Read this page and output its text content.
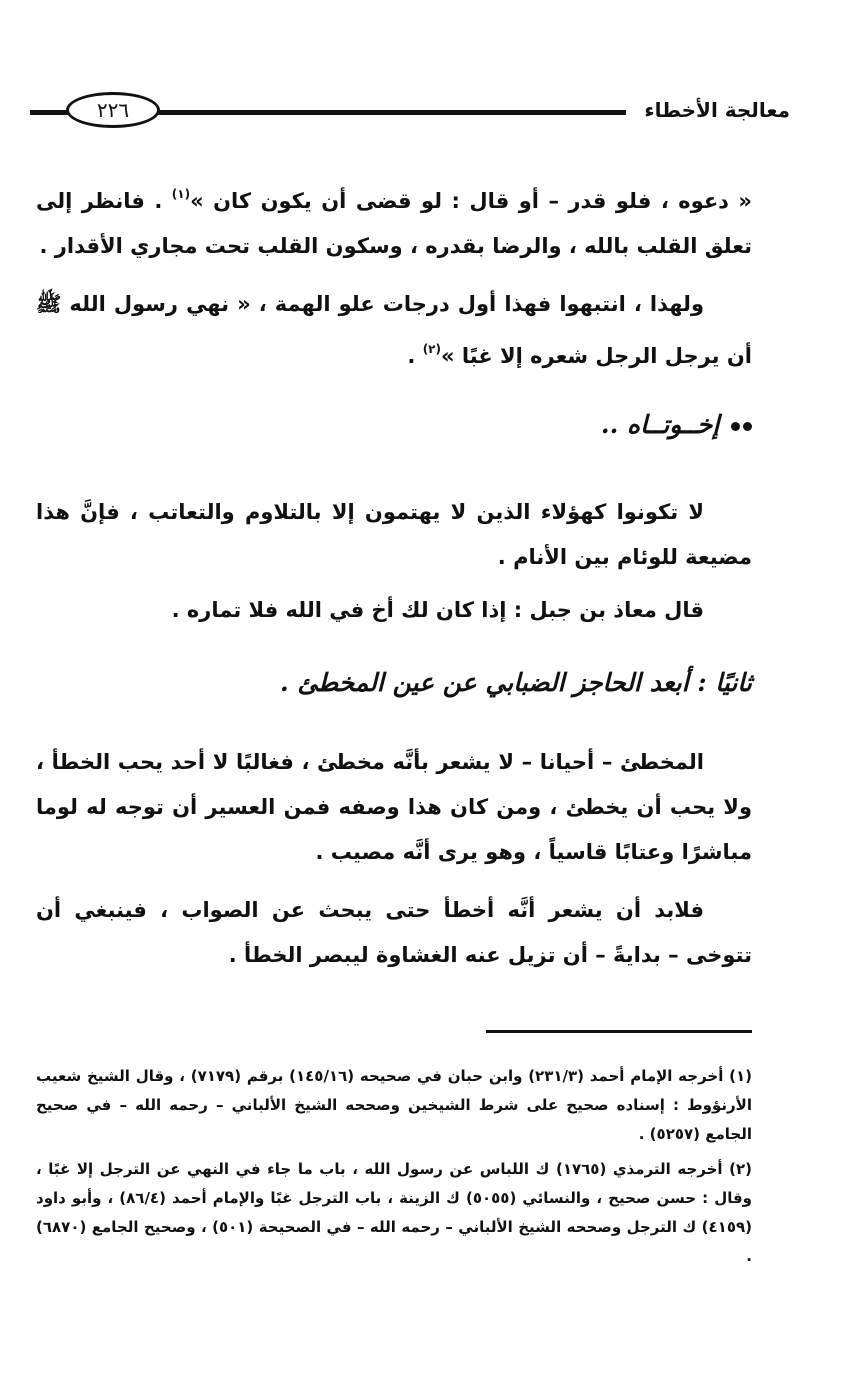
٢٢٦	معالجة الأخطاء
« دعوه ، فلو قدر – أو قال : لو قضى أن يكون كان »$^{(١)}$ . فانظر إلى تعلق القلب بالله ، والرضا بقدره ، وسكون القلب تحت مجاري الأقدار .
ولهذا ، انتبهوا فهذا أول درجات علو الهمة ، « نهي رسول الله ﷺ أن يرجل الرجل شعره إلا غبًا »$^{(٢)}$ .
إخــوتــاه ..
لا تكونوا كهؤلاء الذين لا يهتمون إلا بالتلاوم والتعاتب ، فإنَّ هذا مضيعة للوئام بين الأنام .
قال معاذ بن جبل : إذا كان لك أخ في الله فلا تماره .
ثانيًا : أبعد الحاجز الضبابي عن عين المخطئ .
المخطئ – أحيانا – لا يشعر بأنَّه مخطئ ، فغالبًا لا أحد يحب الخطأ ، ولا يحب أن يخطئ ، ومن كان هذا وصفه فمن العسير أن توجه له لوما مباشرًا وعتابًا قاسياً ، وهو يرى أنَّه مصيب .
فلابد أن يشعر أنَّه أخطأ حتى يبحث عن الصواب ، فينبغي أن تتوخى – بدايةً – أن تزيل عنه الغشاوة ليبصر الخطأ .
(١) أخرجه الإمام أحمد (٢٣١/٣) وابن حبان في صحيحه (١٤٥/١٦) برقم (٧١٧٩) ، وقال الشيخ شعيب الأرنؤوط : إسناده صحيح على شرط الشيخين وصححه الشيخ الألباني – رحمه الله – في صحيح الجامع (٥٢٥٧) .
(٢) أخرجه الترمذي (١٧٦٥) ك اللباس عن رسول الله ، باب ما جاء في النهي عن الترجل إلا غبًا ، وقال : حسن صحيح ، والنسائي (٥٠٥٥) ك الزينة ، باب الترجل غبًا والإمام أحمد (٨٦/٤) ، وأبو داود (٤١٥٩) ك الترجل وصححه الشيخ الألباني – رحمه الله – في الصحيحة (٥٠١) ، وصحيح الجامع (٦٨٧٠) .
